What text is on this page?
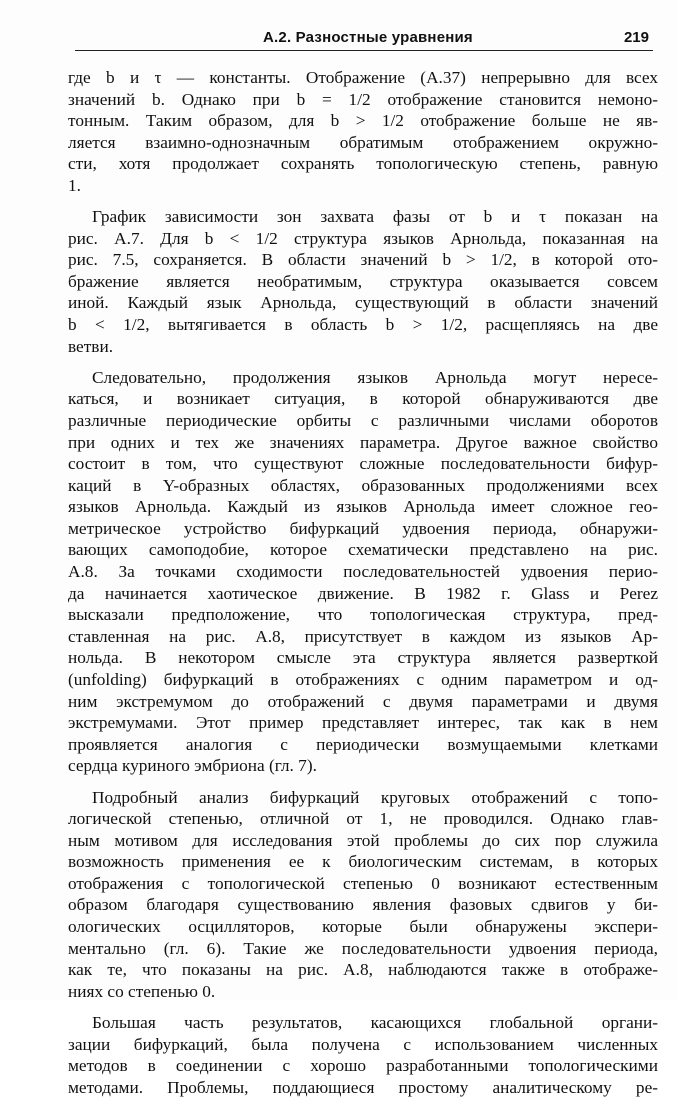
А.2. Разностные уравнения	219
где b и τ — константы. Отображение (А.37) непрерывно для всех
значений b. Однако при b = 1/2 отображение становится немоно-
тонным. Таким образом, для b > 1/2 отображение больше не яв-
ляется взаимно-однозначным обратимым отображением окружно-
сти, хотя продолжает сохранять топологическую степень, равную
1.
График зависимости зон захвата фазы от b и τ показан на
рис. А.7. Для b < 1/2 структура языков Арнольда, показанная на
рис. 7.5, сохраняется. В области значений b > 1/2, в которой ото-
бражение является необратимым, структура оказывается совсем
иной. Каждый язык Арнольда, существующий в области значений
b < 1/2, вытягивается в область b > 1/2, расщепляясь на две
ветви.
Следовательно, продолжения языков Арнольда могут нересе-
каться, и возникает ситуация, в которой обнаруживаются две
различные периодические орбиты с различными числами оборотов
при одних и тех же значениях параметра. Другое важное свойство
состоит в том, что существуют сложные последовательности бифур-
каций в Y-образных областях, образованных продолжениями всех
языков Арнольда. Каждый из языков Арнольда имеет сложное гео-
метрическое устройство бифуркаций удвоения периода, обнаружи-
вающих самоподобие, которое схематически представлено на рис.
А.8. За точками сходимости последовательностей удвоения перио-
да начинается хаотическое движение. В 1982 г. Glass и Perez
высказали предположение, что топологическая структура, пред-
ставленная на рис. А.8, присутствует в каждом из языков Ар-
нольда. В некотором смысле эта структура является разверткой
(unfolding) бифуркаций в отображениях с одним параметром и од-
ним экстремумом до отображений с двумя параметрами и двумя
экстремумами. Этот пример представляет интерес, так как в нем
проявляется аналогия с периодически возмущаемыми клетками
сердца куриного эмбриона (гл. 7).
Подробный анализ бифуркаций круговых отображений с топо-
логической степенью, отличной от 1, не проводился. Однако глав-
ным мотивом для исследования этой проблемы до сих пор служила
возможность применения ее к биологическим системам, в которых
отображения с топологической степенью 0 возникают естественным
образом благодаря существованию явления фазовых сдвигов у би-
ологических осцилляторов, которые были обнаружены экспери-
ментально (гл. 6). Такие же последовательности удвоения периода,
как те, что показаны на рис. А.8, наблюдаются также в отображе-
ниях со степенью 0.
Большая часть результатов, касающихся глобальной органи-
зации бифуркаций, была получена с использованием численных
методов в соединении с хорошо разработанными топологическими
методами. Проблемы, поддающиеся простому аналитическому ре-
